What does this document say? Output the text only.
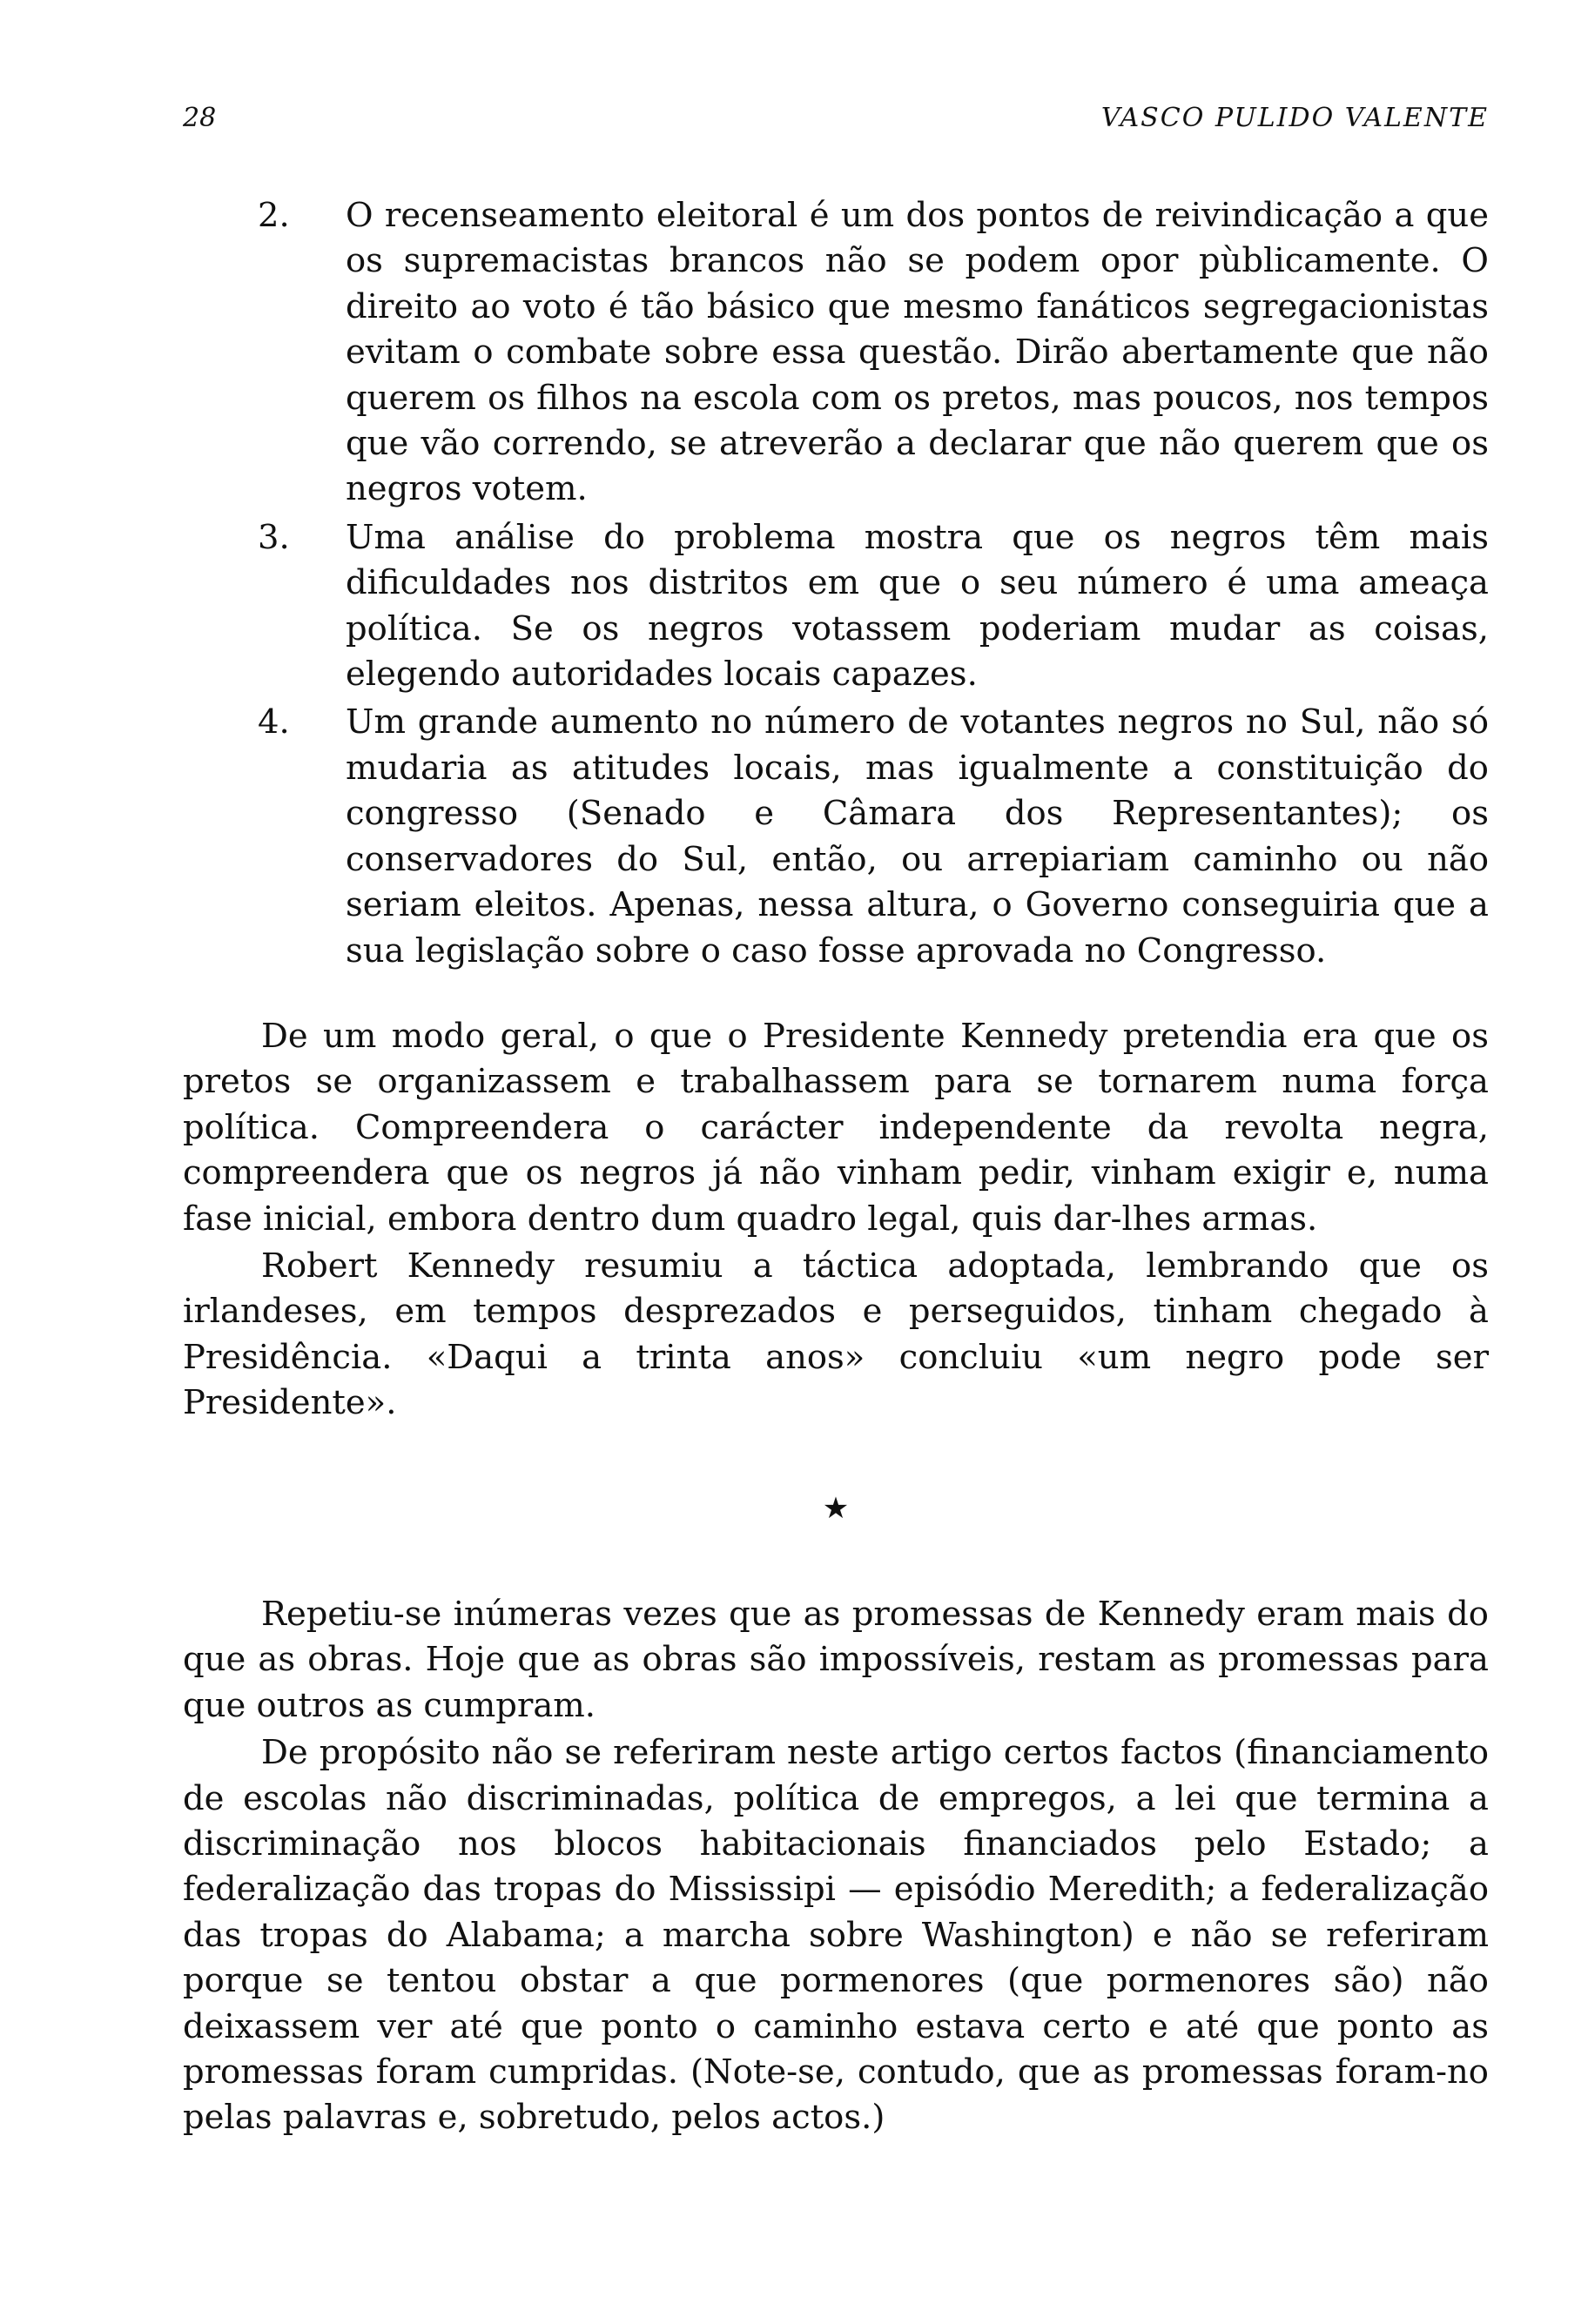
28	VASCO PULIDO VALENTE
2. O recenseamento eleitoral é um dos pontos de reivindicação a que os supremacistas brancos não se podem opor pùblicamente. O direito ao voto é tão básico que mesmo fanáticos segregacionistas evitam o combate sobre essa questão. Dirão abertamente que não querem os filhos na escola com os pretos, mas poucos, nos tempos que vão correndo, se atreverão a declarar que não querem que os negros votem.
3. Uma análise do problema mostra que os negros têm mais dificuldades nos distritos em que o seu número é uma ameaça política. Se os negros votassem poderiam mudar as coisas, elegendo autoridades locais capazes.
4. Um grande aumento no número de votantes negros no Sul, não só mudaria as atitudes locais, mas igualmente a constituição do congresso (Senado e Câmara dos Representantes); os conservadores do Sul, então, ou arrepiariam caminho ou não seriam eleitos. Apenas, nessa altura, o Governo conseguiria que a sua legislação sobre o caso fosse aprovada no Congresso.

De um modo geral, o que o Presidente Kennedy pretendia era que os pretos se organizassem e trabalhassem para se tornarem numa força política. Compreendera o carácter independente da revolta negra, compreendera que os negros já não vinham pedir, vinham exigir e, numa fase inicial, embora dentro dum quadro legal, quis dar-lhes armas.

Robert Kennedy resumiu a táctica adoptada, lembrando que os irlandeses, em tempos desprezados e perseguidos, tinham chegado à Presidência. «Daqui a trinta anos» concluiu «um negro pode ser Presidente».

★

Repetiu-se inúmeras vezes que as promessas de Kennedy eram mais do que as obras. Hoje que as obras são impossíveis, restam as promessas para que outros as cumpram.

De propósito não se referiram neste artigo certos factos (financiamento de escolas não discriminadas, política de empregos, a lei que termina a discriminação nos blocos habitacionais financiados pelo Estado; a federalização das tropas do Mississipi — episódio Meredith; a federalização das tropas do Alabama; a marcha sobre Washington) e não se referiram porque se tentou obstar a que pormenores (que pormenores são) não deixassem ver até que ponto o caminho estava certo e até que ponto as promessas foram cumpridas. (Note-se, contudo, que as promessas foram-no pelas palavras e, sobretudo, pelos actos.)
